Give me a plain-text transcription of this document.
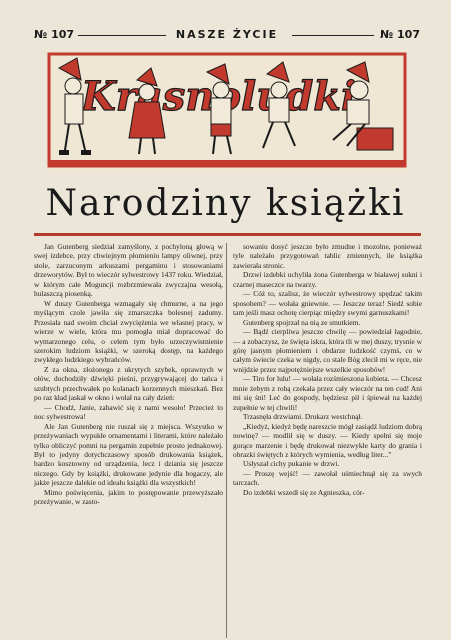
№ 107	NASZE ŻYCIE	№ 107
Narodziny książki

Jan Gutenberg siedział zamyślony, z pochyloną głową w swej izdebce, przy chwiejnym płomieniu lampy oliwnej, przy stole, zarzuconym arkuszami pergaminu i stosowaniami drzeworytów. Był to wieczór sylwestrowy 1437 roku. Wiedział, w którym całe Moguncji rozbrzmiewała zwyczajna wesołą, hulaszczą piosenką.

W duszy Gutenberga wzmagały się chmurne, a na jego myślącym czole jawiła się zmarszczka bolesnej zadumy. Przesiała nad swoim chciał zwyciężenia we własnej pracy, w wierze w wiele, która mu pomogła miał dopracować do wymarzonego celu, o celem tym było urzeczywistnienie szerokim ludziom książki, w szeroką dostęp, na każdego zwykłego ludzkiego wybrańców.

Z za okna, złożonego z ukrytych szybek, oprawnych w ołów, dochodziły dźwięki pieśni, przygrywającej do tańca i szubtych przechwałek po kolanach korzennych mieszkań. Bez po raz kład jaskał w okno i wołał na cały dzień:

— Chodź, Janie, zabawić się z nami wesoło! Przecież to noc sylwestrowa!

Ale Jan Gutenberg nie ruszał się z miejsca. Wszystko w przeżywaniach wypukłe ornamentami i literami, które należało tylko obliczyć pomni na pergamin zupełnie prosto jednakowej. Był to jedyny dotychczasowy sposób drukowania książek, bardzo kosztowny od urządzenia, lecz i dziania się jeszcze niczego. Gdy by książki, drukowane jedynie dla bogaczy, ale jakże jeszcze dalekie od ideału książki dla wszystkich!

Mimo poświęcenia, jakim to postępowanie przewyższało przeżywanie, w zasto-

sowaniu dosyć jeszcze było zmudne i mozolne, ponieważ tyle należało przygotowań tablic zmiennych, ile książka zawierała stronic.

Drzwi izdebki uchyliła żona Gutenberga w białawej sukni i czarnej maseczce na twarzy.

— Cóż to, szalisz, że wieczór sylwestrowy spędzać takim sposobem? — wołała gniewnie. — Jeszcze teraz! Siedź sobie tam jeśli masz ochotę cierpiąc między swymi garnuszkami!

Gutenberg spojrzał na nią ze smutkiem.

— Bądź cierpliwa jeszcze chwilę — powiedział łagodnie, — a zobaczysz, że święta iskra, która tli w mej duszy, trysnie w górę jasnym płomieniem i obdarze ludzkość czymś, co w całym świecie czeka w nigdy, co stale Bóg zlecił mi w ręce, nie wnijdzie przez najpotężniejsze wszelkie sposobów!

— Tiro for lulu! — wołała rozśmieszona kobieta. — Chcesz mnie żebym z robą czekała przez cały wieczór na ten cud! Ani mi się śni! Leć do gospody, będziesz pił i śpiewał na każdej zupełnie w tej chwili!

Trzasnęła drzwiami. Drukarz westchnął.

„Kiedyż, kiedyż będę nareszcie mógł zasiądź ludziom dobrą nowinę? — modlił się w duszy. — Kiedy spełni się moje gorące marzenie i będę drukował niezwykłe karty do grania i obrazki świętych z których wymienia, według liter...”

Usłyszał cichy pukanie w drzwi.

— Proszę wejść! — zawołał uśmiechnął się za swych tarczach.

Do izdebki wszedł się ze Agnieszka, cór-
